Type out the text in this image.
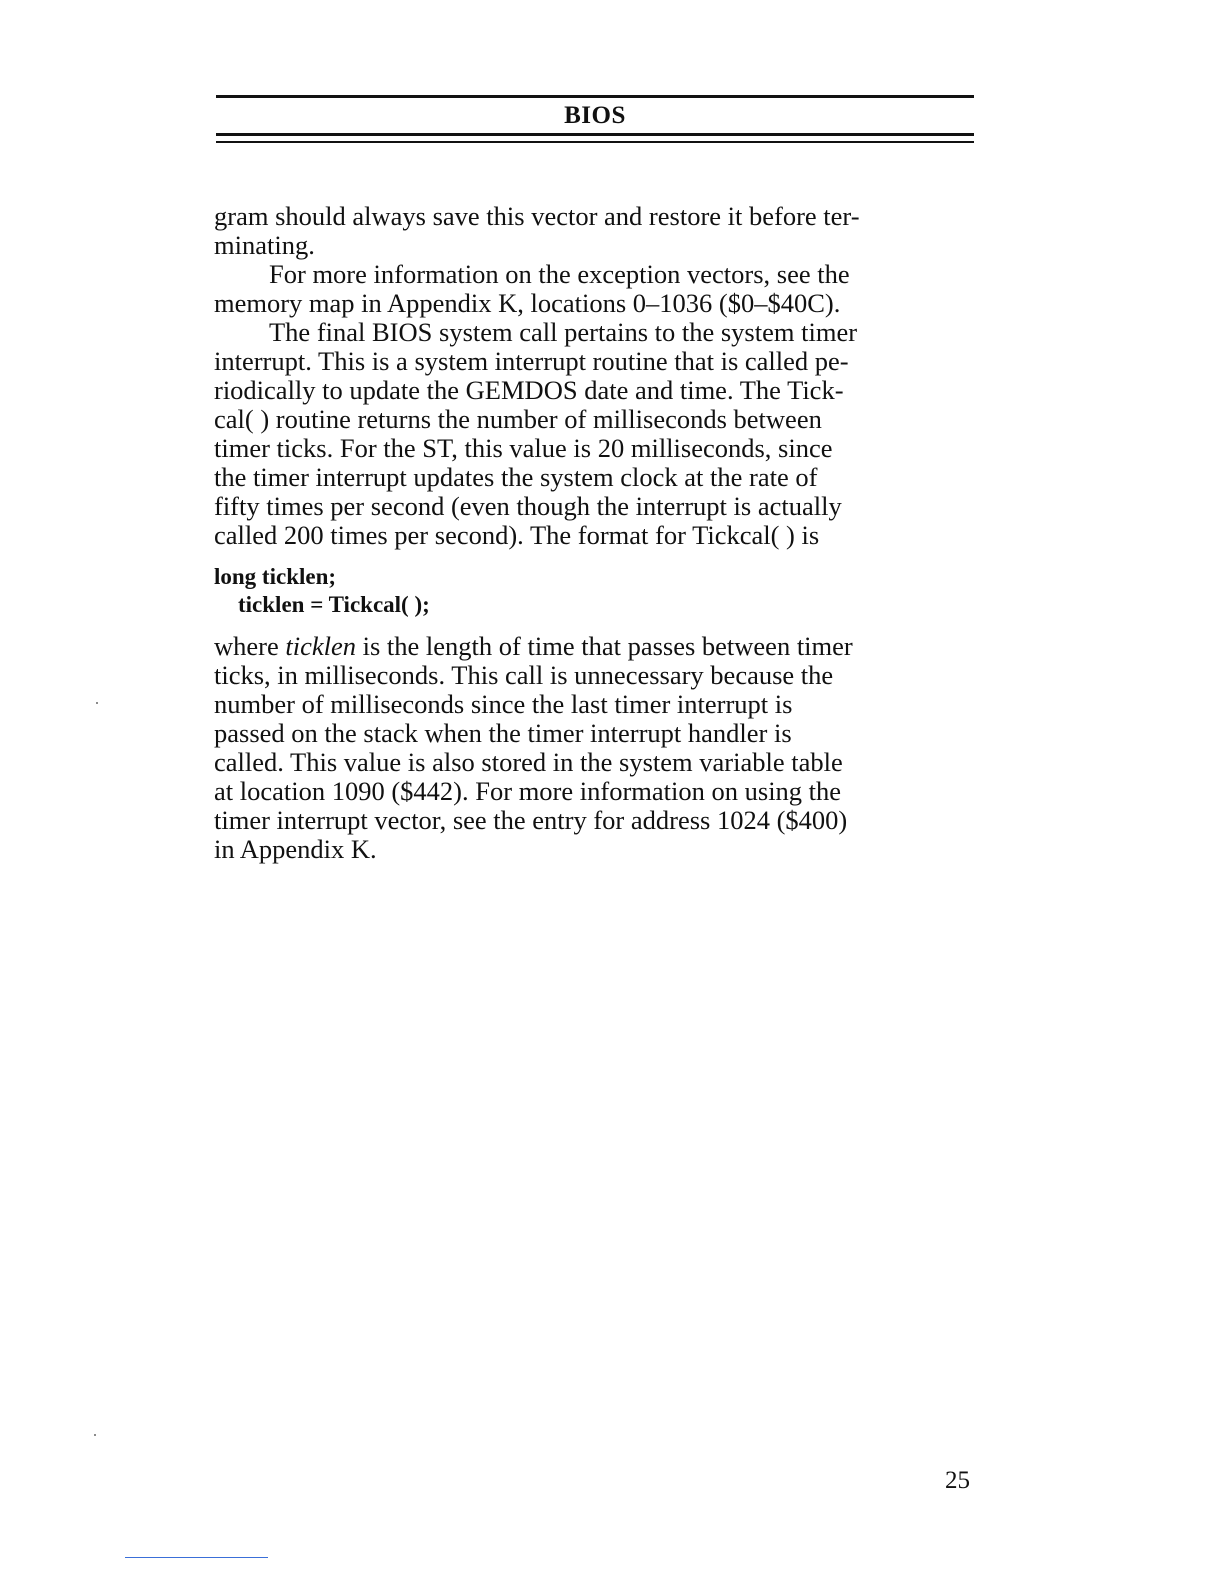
BIOS

gram should always save this vector and restore it before ter-
minating.

For more information on the exception vectors, see the
memory map in Appendix K, locations 0–1036 ($0–$40C).

The final BIOS system call pertains to the system timer
interrupt. This is a system interrupt routine that is called pe-
riodically to update the GEMDOS date and time. The Tick-
cal( ) routine returns the number of milliseconds between
timer ticks. For the ST, this value is 20 milliseconds, since
the timer interrupt updates the system clock at the rate of
fifty times per second (even though the interrupt is actually
called 200 times per second). The format for Tickcal( ) is

long ticklen;
ticklen = Tickcal( );

where ticklen is the length of time that passes between timer
ticks, in milliseconds. This call is unnecessary because the
number of milliseconds since the last timer interrupt is
passed on the stack when the timer interrupt handler is
called. This value is also stored in the system variable table
at location 1090 ($442). For more information on using the
timer interrupt vector, see the entry for address 1024 ($400)
in Appendix K.

25
